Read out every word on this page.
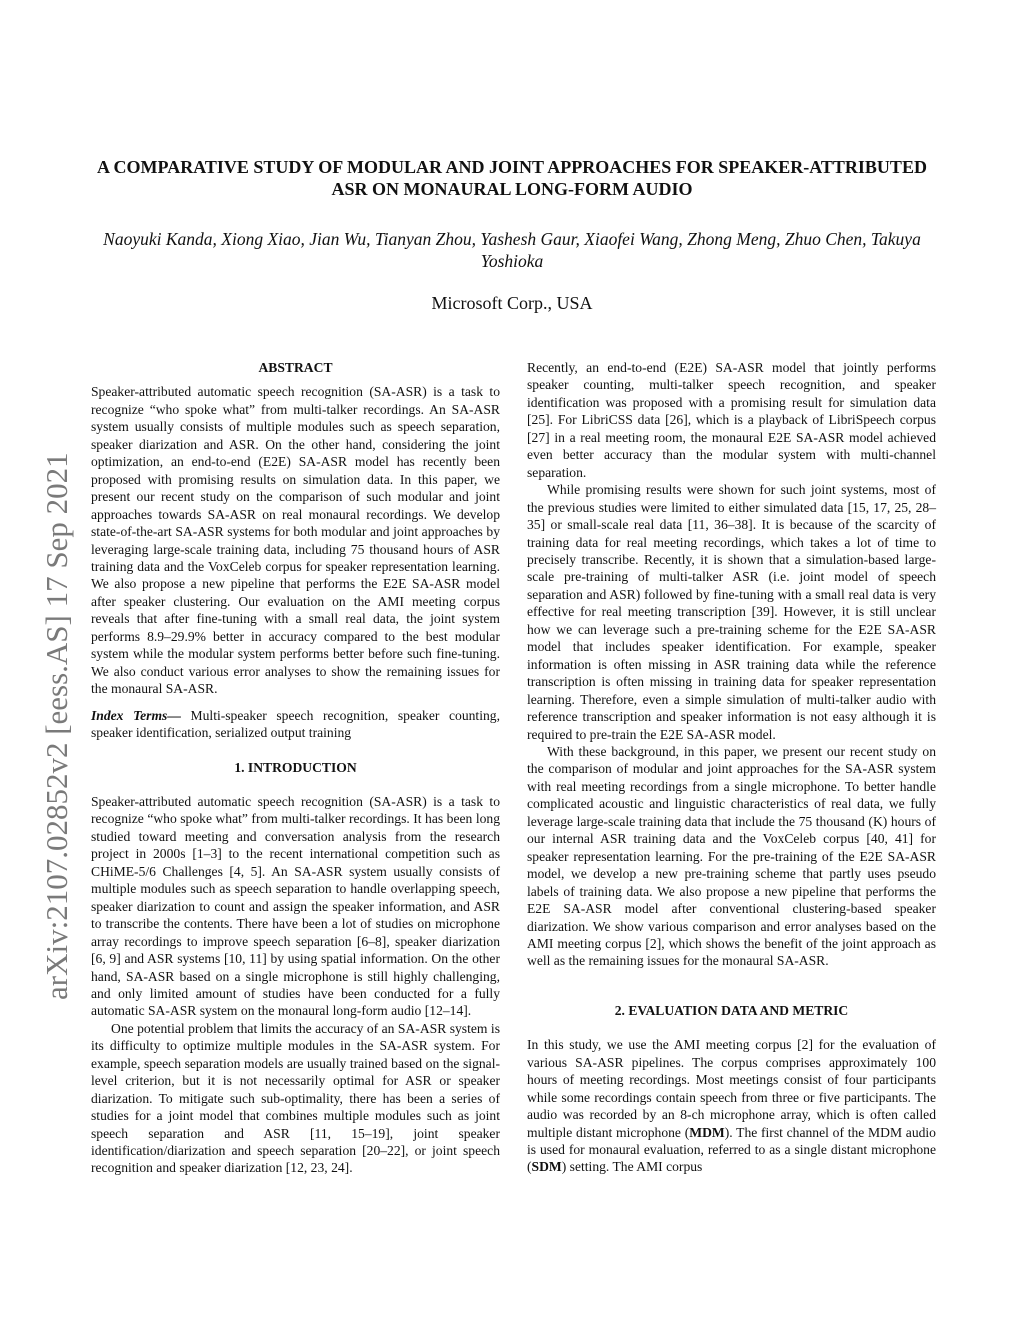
arXiv:2107.02852v2 [eess.AS] 17 Sep 2021
A COMPARATIVE STUDY OF MODULAR AND JOINT APPROACHES FOR SPEAKER-ATTRIBUTED ASR ON MONAURAL LONG-FORM AUDIO

Naoyuki Kanda, Xiong Xiao, Jian Wu, Tianyan Zhou, Yashesh Gaur, Xiaofei Wang, Zhong Meng, Zhuo Chen, Takuya Yoshioka

Microsoft Corp., USA

ABSTRACT

Speaker-attributed automatic speech recognition (SA-ASR) is a task to recognize “who spoke what” from multi-talker recordings. An SA-ASR system usually consists of multiple modules such as speech separation, speaker diarization and ASR. On the other hand, considering the joint optimization, an end-to-end (E2E) SA-ASR model has recently been proposed with promising results on simulation data. In this paper, we present our recent study on the comparison of such modular and joint approaches towards SA-ASR on real monaural recordings. We develop state-of-the-art SA-ASR systems for both modular and joint approaches by leveraging large-scale training data, including 75 thousand hours of ASR training data and the VoxCeleb corpus for speaker representation learning. We also propose a new pipeline that performs the E2E SA-ASR model after speaker clustering. Our evaluation on the AMI meeting corpus reveals that after fine-tuning with a small real data, the joint system performs 8.9–29.9% better in accuracy compared to the best modular system while the modular system performs better before such fine-tuning. We also conduct various error analyses to show the remaining issues for the monaural SA-ASR.

Index Terms— Multi-speaker speech recognition, speaker counting, speaker identification, serialized output training

1. INTRODUCTION

Speaker-attributed automatic speech recognition (SA-ASR) is a task to recognize “who spoke what” from multi-talker recordings. It has been long studied toward meeting and conversation analysis from the research project in 2000s [1–3] to the recent international competition such as CHiME-5/6 Challenges [4, 5]. An SA-ASR system usually consists of multiple modules such as speech separation to handle overlapping speech, speaker diarization to count and assign the speaker information, and ASR to transcribe the contents. There have been a lot of studies on microphone array recordings to improve speech separation [6–8], speaker diarization [6, 9] and ASR systems [10, 11] by using spatial information. On the other hand, SA-ASR based on a single microphone is still highly challenging, and only limited amount of studies have been conducted for a fully automatic SA-ASR system on the monaural long-form audio [12–14].

One potential problem that limits the accuracy of an SA-ASR system is its difficulty to optimize multiple modules in the SA-ASR system. For example, speech separation models are usually trained based on the signal-level criterion, but it is not necessarily optimal for ASR or speaker diarization. To mitigate such sub-optimality, there has been a series of studies for a joint model that combines multiple modules such as joint speech separation and ASR [11, 15–19], joint speaker identification/diarization and speech separation [20–22], or joint speech recognition and speaker diarization [12, 23, 24].

Recently, an end-to-end (E2E) SA-ASR model that jointly performs speaker counting, multi-talker speech recognition, and speaker identification was proposed with a promising result for simulation data [25]. For LibriCSS data [26], which is a playback of LibriSpeech corpus [27] in a real meeting room, the monaural E2E SA-ASR model achieved even better accuracy than the modular system with multi-channel separation.

While promising results were shown for such joint systems, most of the previous studies were limited to either simulated data [15, 17, 25, 28–35] or small-scale real data [11, 36–38]. It is because of the scarcity of training data for real meeting recordings, which takes a lot of time to precisely transcribe. Recently, it is shown that a simulation-based large-scale pre-training of multi-talker ASR (i.e. joint model of speech separation and ASR) followed by fine-tuning with a small real data is very effective for real meeting transcription [39]. However, it is still unclear how we can leverage such a pre-training scheme for the E2E SA-ASR model that includes speaker identification. For example, speaker information is often missing in ASR training data while the reference transcription is often missing in training data for speaker representation learning. Therefore, even a simple simulation of multi-talker audio with reference transcription and speaker information is not easy although it is required to pre-train the E2E SA-ASR model.

With these background, in this paper, we present our recent study on the comparison of modular and joint approaches for the SA-ASR system with real meeting recordings from a single microphone. To better handle complicated acoustic and linguistic characteristics of real data, we fully leverage large-scale training data that include the 75 thousand (K) hours of our internal ASR training data and the VoxCeleb corpus [40, 41] for speaker representation learning. For the pre-training of the E2E SA-ASR model, we develop a new pre-training scheme that partly uses pseudo labels of training data. We also propose a new pipeline that performs the E2E SA-ASR model after conventional clustering-based speaker diarization. We show various comparison and error analyses based on the AMI meeting corpus [2], which shows the benefit of the joint approach as well as the remaining issues for the monaural SA-ASR.

2. EVALUATION DATA AND METRIC

In this study, we use the AMI meeting corpus [2] for the evaluation of various SA-ASR pipelines. The corpus comprises approximately 100 hours of meeting recordings. Most meetings consist of four participants while some recordings contain speech from three or five participants. The audio was recorded by an 8-ch microphone array, which is often called multiple distant microphone (MDM). The first channel of the MDM audio is used for monaural evaluation, referred to as a single distant microphone (SDM) setting. The AMI corpus
